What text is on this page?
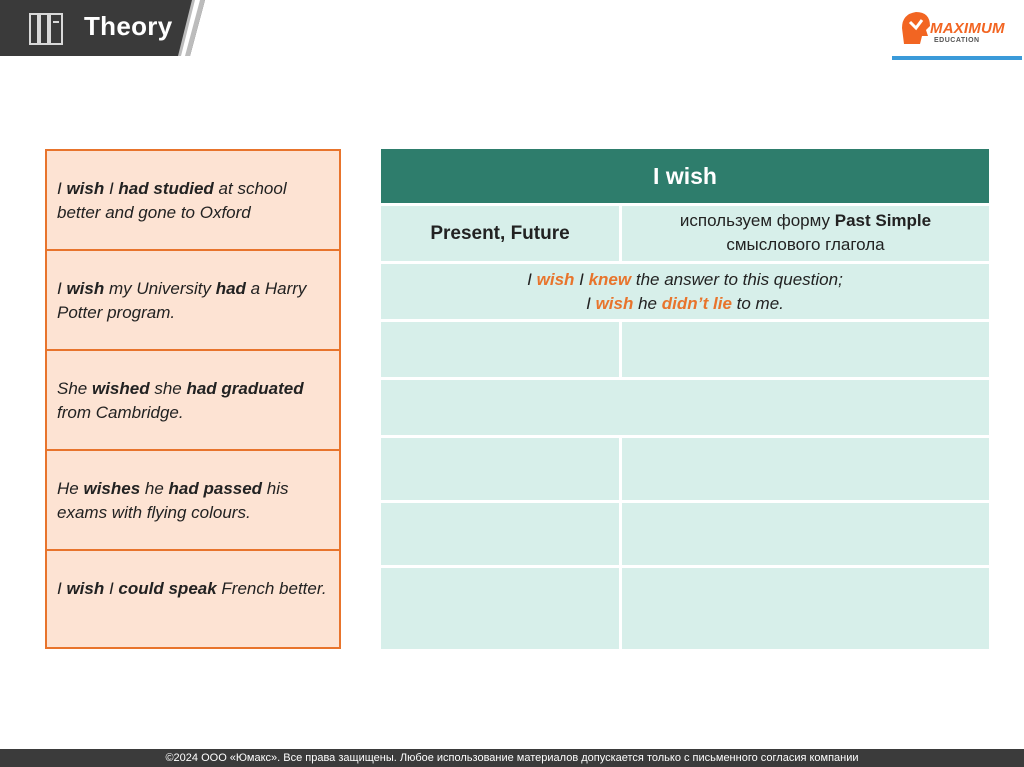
Theory	MAXIMUM
EDUCATION
I wish I had studied at school better and gone to Oxford
I wish my University had a Harry Potter program.
She wished she had graduated from Cambridge.
He wishes he had passed his exams with flying colours.
I wish I could speak French better.
I wish
Present, Future
используем форму Past Simple
смыслового глагола
I wish I knew the answer to this question;
I wish he didn’t lie to me.
©2024 ООО «Юмакс». Все права защищены. Любое использование материалов допускается только с письменного согласия компании
